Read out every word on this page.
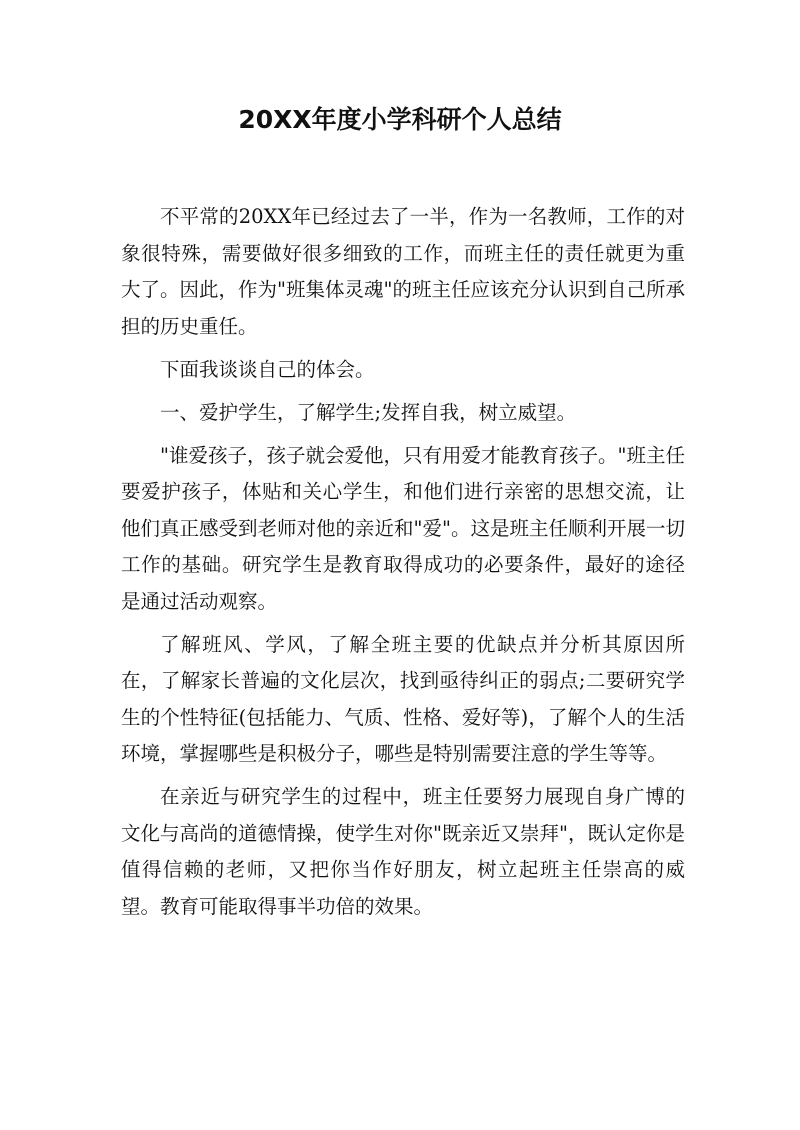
20XX年度小学科研个人总结

不平常的20XX年已经过去了一半，作为一名教师，工作的对象很特殊，需要做好很多细致的工作，而班主任的责任就更为重大了。因此，作为"班集体灵魂"的班主任应该充分认识到自己所承担的历史重任。

下面我谈谈自己的体会。

一、爱护学生，了解学生;发挥自我，树立威望。

"谁爱孩子，孩子就会爱他，只有用爱才能教育孩子。"班主任要爱护孩子，体贴和关心学生，和他们进行亲密的思想交流，让他们真正感受到老师对他的亲近和"爱"。这是班主任顺利开展一切工作的基础。研究学生是教育取得成功的必要条件，最好的途径是通过活动观察。

了解班风、学风，了解全班主要的优缺点并分析其原因所在，了解家长普遍的文化层次，找到亟待纠正的弱点;二要研究学生的个性特征(包括能力、气质、性格、爱好等)，了解个人的生活环境，掌握哪些是积极分子，哪些是特别需要注意的学生等等。

在亲近与研究学生的过程中，班主任要努力展现自身广博的文化与高尚的道德情操，使学生对你"既亲近又崇拜"，既认定你是值得信赖的老师，又把你当作好朋友，树立起班主任崇高的威望。教育可能取得事半功倍的效果。
